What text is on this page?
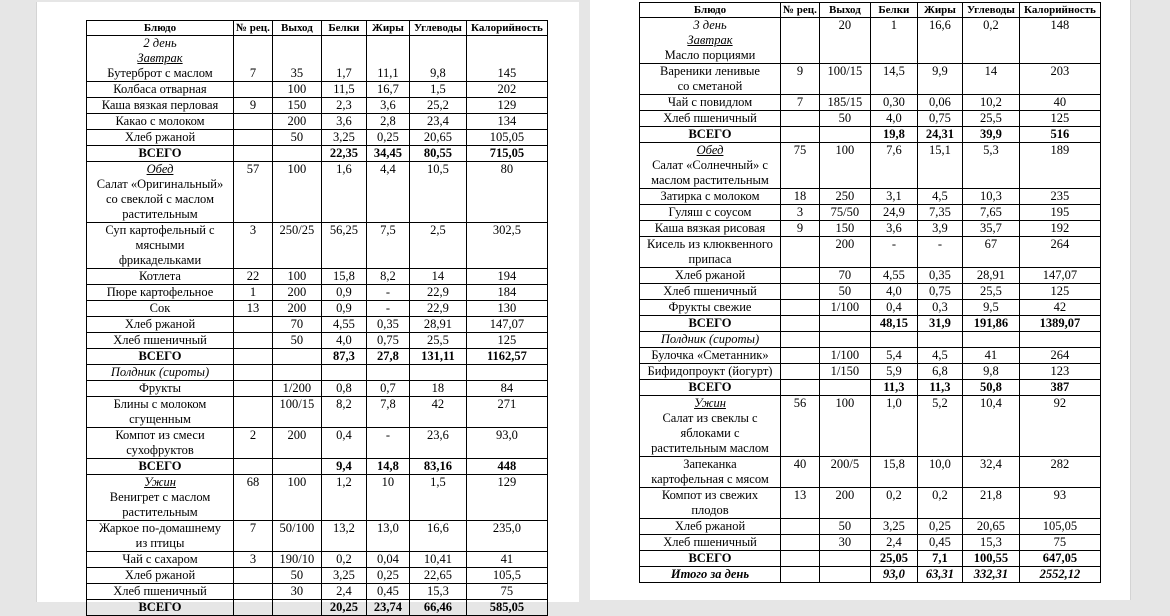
Блюдо	№ рец.	Выход	Белки	Жиры	Углеводы	Калорийность

2 день
Завтрак
Бутерброт с маслом	7	35	1,7	11,1	9,8	145

Колбаса отварная		100	11,5	16,7	1,5	202

Каша вязкая перловая	9	150	2,3	3,6	25,2	129

Какао с молоком		200	3,6	2,8	23,4	134

Хлеб ржаной		50	3,25	0,25	20,65	105,05

ВСЕГО			22,35	34,45	80,55	715,05

Обед
Салат «Оригинальный»
со свеклой с маслом
растительным	57	100	1,6	4,4	10,5	80

Суп картофельный с
мясными
фрикадельками	3	250/25	56,25	7,5	2,5	302,5

Котлета	22	100	15,8	8,2	14	194

Пюре картофельное	1	200	0,9	-	22,9	184

Сок	13	200	0,9	-	22,9	130

Хлеб ржаной		70	4,55	0,35	28,91	147,07

Хлеб пшеничный		50	4,0	0,75	25,5	125

ВСЕГО			87,3	27,8	131,11	1162,57

Полдник (сироты)						

Фрукты		1/200	0,8	0,7	18	84

Блины с молоком
сгущенным		100/15	8,2	7,8	42	271

Компот из смеси
сухофруктов	2	200	0,4	-	23,6	93,0

ВСЕГО			9,4	14,8	83,16	448

Ужин
Венигрет с маслом
растительным	68	100	1,2	10	1,5	129

Жаркое по-домашнему
из птицы	7	50/100	13,2	13,0	16,6	235,0

Чай с сахаром	3	190/10	0,2	0,04	10,41	41

Хлеб ржаной		50	3,25	0,25	22,65	105,5

Хлеб пшеничный		30	2,4	0,45	15,3	75

ВСЕГО			20,25	23,74	66,46	585,05
Блюдо	№ рец.	Выход	Белки	Жиры	Углеводы	Калорийность

3 день
Завтрак
Масло порциями		20	1	16,6	0,2	148

Вареники ленивые
со сметаной	9	100/15	14,5	9,9	14	203

Чай с повидлом	7	185/15	0,30	0,06	10,2	40

Хлеб пшеничный		50	4,0	0,75	25,5	125

ВСЕГО			19,8	24,31	39,9	516

Обед
Салат «Солнечный» с
маслом растительным	75	100	7,6	15,1	5,3	189

Затирка с молоком	18	250	3,1	4,5	10,3	235

Гуляш с соусом	3	75/50	24,9	7,35	7,65	195

Каша вязкая рисовая	9	150	3,6	3,9	35,7	192

Кисель из клюквенного
припаса		200	-	-	67	264

Хлеб ржаной		70	4,55	0,35	28,91	147,07

Хлеб пшеничный		50	4,0	0,75	25,5	125

Фрукты свежие		1/100	0,4	0,3	9,5	42

ВСЕГО			48,15	31,9	191,86	1389,07

Полдник (сироты)						

Булочка «Сметанник»		1/100	5,4	4,5	41	264

Бифидопроукт (йогурт)		1/150	5,9	6,8	9,8	123

ВСЕГО			11,3	11,3	50,8	387

Ужин
Салат из свеклы с
яблоками с
растительным маслом	56	100	1,0	5,2	10,4	92

Запеканка
картофельная с мясом	40	200/5	15,8	10,0	32,4	282

Компот из свежих
плодов	13	200	0,2	0,2	21,8	93

Хлеб ржаной		50	3,25	0,25	20,65	105,05

Хлеб пшеничный		30	2,4	0,45	15,3	75

ВСЕГО			25,05	7,1	100,55	647,05

Итого за день			93,0	63,31	332,31	2552,12
